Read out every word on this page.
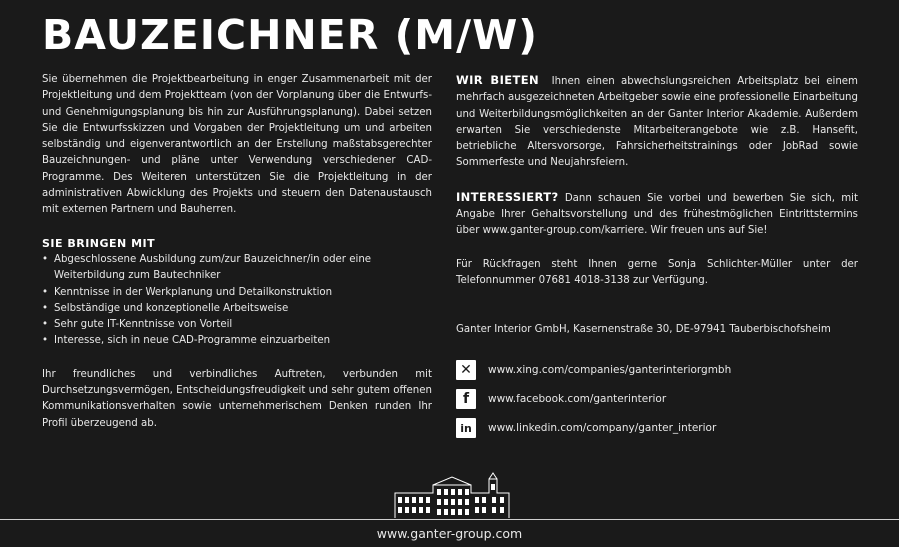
BAUZEICHNER (M/W)

Sie übernehmen die Projektbearbeitung in enger Zusammenarbeit mit der Projektleitung und dem Projektteam (von der Vorplanung über die Entwurfs- und Genehmigungsplanung bis hin zur Ausführungsplanung). Dabei setzen Sie die Entwurfsskizzen und Vorgaben der Projektleitung um und arbeiten selbständig und eigenverantwortlich an der Erstellung maßstabsgerechter Bauzeichnungen- und pläne unter Verwendung verschiedener CAD-Programme. Des Weiteren unterstützen Sie die Projektleitung in der administrativen Abwicklung des Projekts und steuern den Datenaustausch mit externen Partnern und Bauherren.

SIE BRINGEN MIT
• Abgeschlossene Ausbildung zum/zur Bauzeichner/in oder eine Weiterbildung zum Bautechniker
• Kenntnisse in der Werkplanung und Detailkonstruktion
• Selbständige und konzeptionelle Arbeitsweise
• Sehr gute IT-Kenntnisse von Vorteil
• Interesse, sich in neue CAD-Programme einzuarbeiten

Ihr freundliches und verbindliches Auftreten, verbunden mit Durchsetzungsvermögen, Entscheidungsfreudigkeit und sehr gutem offenen Kommunikationsverhalten sowie unternehmerischem Denken runden Ihr Profil überzeugend ab.

WIR BIETEN Ihnen einen abwechslungsreichen Arbeitsplatz bei einem mehrfach ausgezeichneten Arbeitgeber sowie eine professionelle Einarbeitung und Weiterbildungsmöglichkeiten an der Ganter Interior Akademie. Außerdem erwarten Sie verschiedenste Mitarbeiterangebote wie z.B. Hansefit, betriebliche Altersvorsorge, Fahrsicherheitstrainings oder JobRad sowie Sommerfeste und Neujahrsfeiern.

INTERESSIERT? Dann schauen Sie vorbei und bewerben Sie sich, mit Angabe Ihrer Gehaltsvorstellung und des frühestmöglichen Eintrittstermins über www.ganter-group.com/karriere. Wir freuen uns auf Sie!

Für Rückfragen steht Ihnen gerne Sonja Schlichter-Müller unter der Telefonnummer 07681 4018-3138 zur Verfügung.

Ganter Interior GmbH, Kasernenstraße 30, DE-97941 Tauberbischofsheim

✕	www.xing.com/companies/ganterinteriorgmbh
f	www.facebook.com/ganterinterior
in	www.linkedin.com/company/ganter_interior
www.ganter-group.com
